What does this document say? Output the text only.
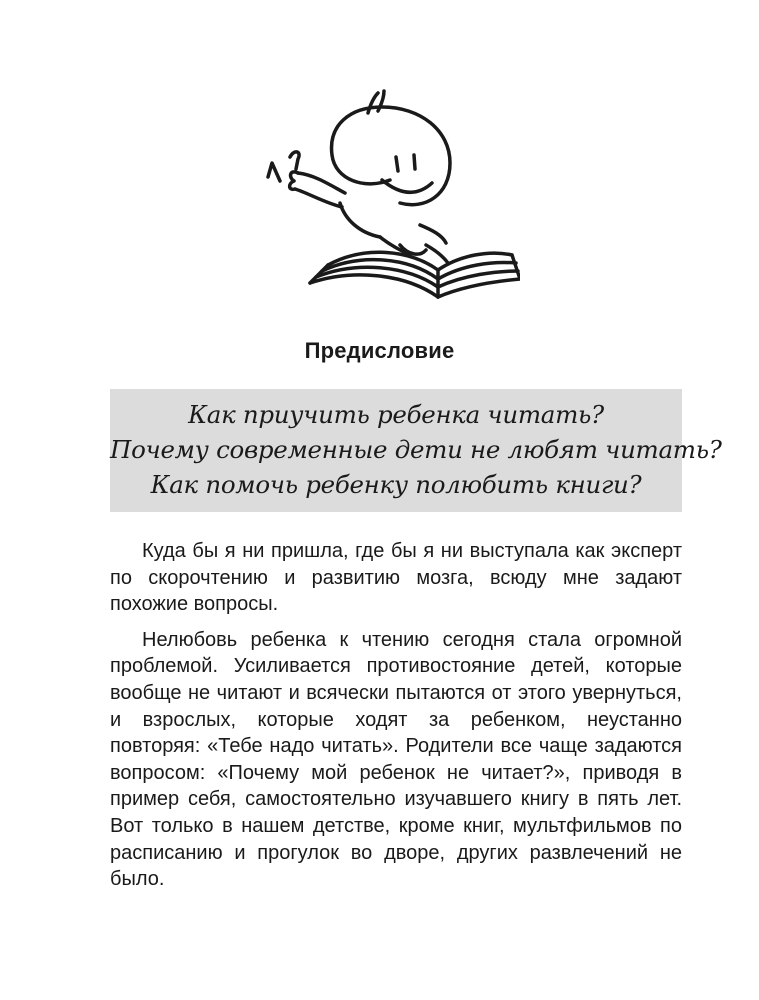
Предисловие
Как приучить ребенка читать?
Почему современные дети не любят читать?
Как помочь ребенку полюбить книги?

Куда бы я ни пришла, где бы я ни выступала как эксперт по скорочтению и развитию мозга, всюду мне задают похожие вопросы.

Нелюбовь ребенка к чтению сегодня стала огромной проблемой. Усиливается противостояние детей, которые вообще не читают и всячески пытаются от этого увернуться, и взрослых, которые ходят за ребенком, неустанно повторяя: «Тебе надо читать». Родители все чаще задаются вопросом: «Почему мой ребенок не читает?», приводя в пример себя, самостоятельно изучавшего книгу в пять лет. Вот только в нашем детстве, кроме книг, мультфильмов по расписанию и прогулок во дворе, других развлечений не было.
